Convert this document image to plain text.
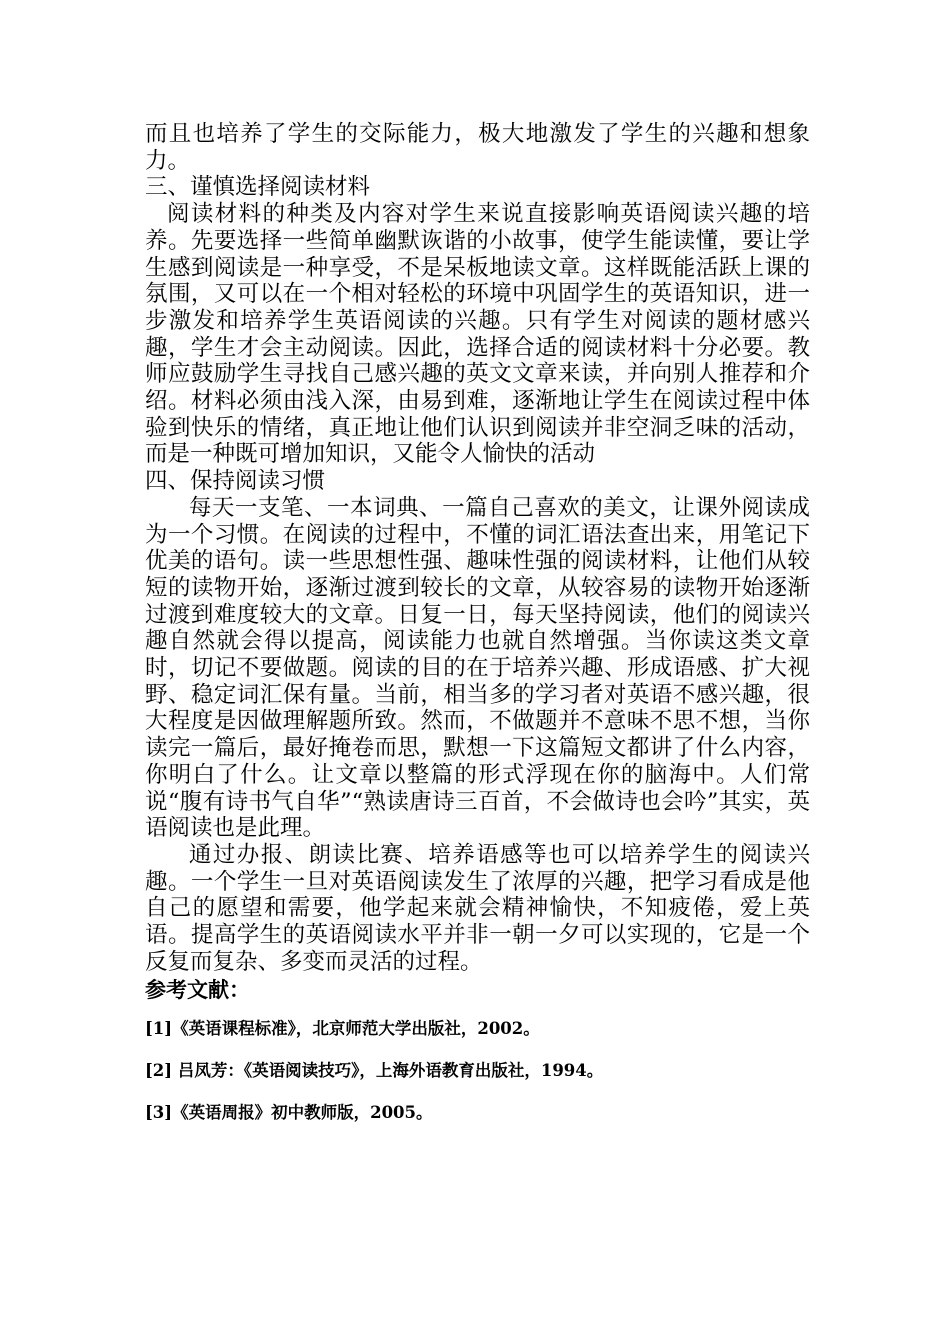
而且也培养了学生的交际能力，极大地激发了学生的兴趣和想象力。

三、谨慎选择阅读材料

阅读材料的种类及内容对学生来说直接影响英语阅读兴趣的培养。先要选择一些简单幽默诙谐的小故事，使学生能读懂，要让学生感到阅读是一种享受，不是呆板地读文章。这样既能活跃上课的氛围，又可以在一个相对轻松的环境中巩固学生的英语知识，进一步激发和培养学生英语阅读的兴趣。只有学生对阅读的题材感兴趣，学生才会主动阅读。因此，选择合适的阅读材料十分必要。教师应鼓励学生寻找自己感兴趣的英文文章来读，并向别人推荐和介绍。材料必须由浅入深，由易到难，逐渐地让学生在阅读过程中体验到快乐的情绪，真正地让他们认识到阅读并非空洞乏味的活动，而是一种既可增加知识，又能令人愉快的活动

四、保持阅读习惯

每天一支笔、一本词典、一篇自己喜欢的美文，让课外阅读成为一个习惯。在阅读的过程中，不懂的词汇语法查出来，用笔记下优美的语句。读一些思想性强、趣味性强的阅读材料，让他们从较短的读物开始，逐渐过渡到较长的文章，从较容易的读物开始逐渐过渡到难度较大的文章。日复一日，每天坚持阅读，他们的阅读兴趣自然就会得以提高，阅读能力也就自然增强。当你读这类文章时，切记不要做题。阅读的目的在于培养兴趣、形成语感、扩大视野、稳定词汇保有量。当前，相当多的学习者对英语不感兴趣，很大程度是因做理解题所致。然而，不做题并不意味不思不想，当你读完一篇后，最好掩卷而思，默想一下这篇短文都讲了什么内容，你明白了什么。让文章以整篇的形式浮现在你的脑海中。人们常说“腹有诗书气自华”“熟读唐诗三百首，不会做诗也会吟”其实，英语阅读也是此理。

通过办报、朗读比赛、培养语感等也可以培养学生的阅读兴趣。一个学生一旦对英语阅读发生了浓厚的兴趣，把学习看成是他自己的愿望和需要，他学起来就会精神愉快，不知疲倦，爱上英语。提高学生的英语阅读水平并非一朝一夕可以实现的，它是一个反复而复杂、多变而灵活的过程。

参考文献：

[1]《英语课程标准》，北京师范大学出版社，2002。

[2] 吕凤芳：《英语阅读技巧》，上海外语教育出版社，1994。

[3]《英语周报》初中教师版，2005。
